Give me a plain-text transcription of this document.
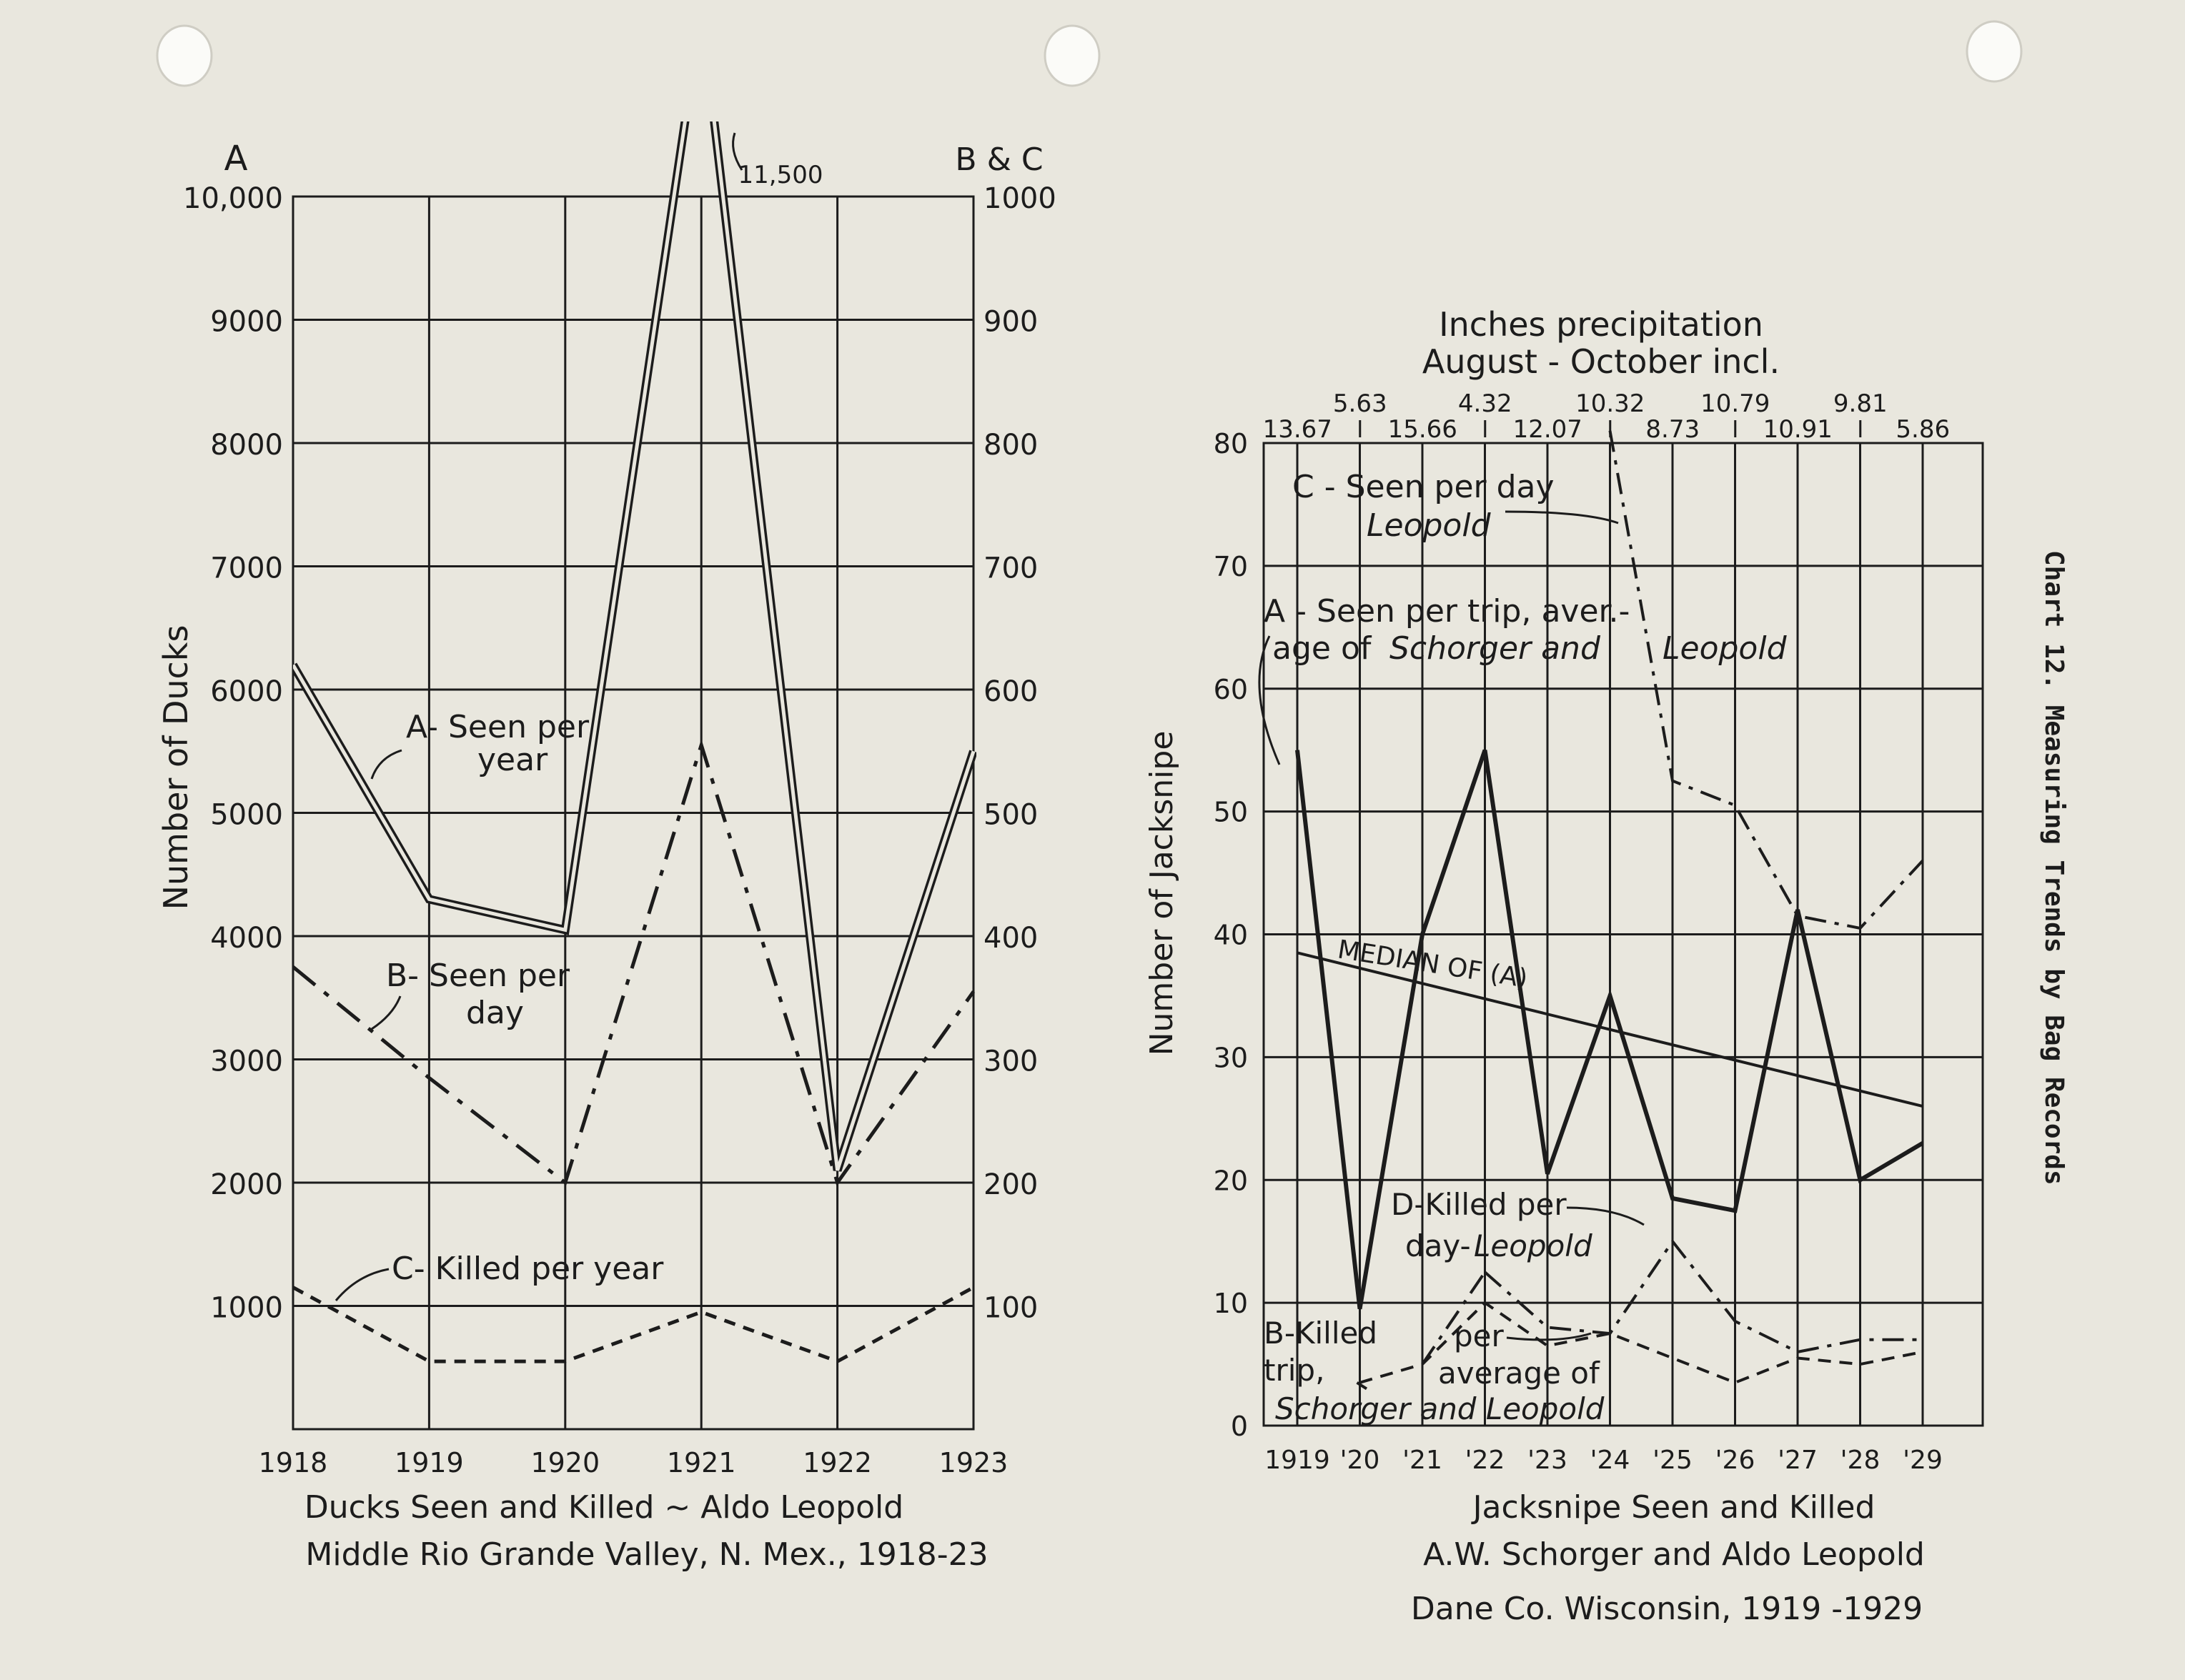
1918 1919 1920 1921 1922 1923
1000	100
2000	200
3000	300
4000	400
5000	500
6000	600
7000	700
8000	800
9000	900
10,000	1000
A	B & C
11,500
Number of Ducks	A- Seen per
year
B- Seen per
day
C- Killed per year
Ducks Seen and Killed ~ Aldo Leopold
Middle Rio Grande Valley, N. Mex., 1918-23
Inches precipitation
August - October incl.
1919 '20 '21 '22 '23 '24 '25 '26 '27 '28 '29
13.67
5.63
15.66
4.32
12.07
10.32
8.73
10.79
10.91
9.81
5.86
0
10
20
30
40
50
60
70
80
Number of Jacksnipe
C - Seen per day
Leopold
A - Seen per trip, aver.-
age of Schorger and Leopold
MEDIAN OF (A)
D-Killed per
day- Leopold
B-Killed	per
trip,	average of
Schorger and Leopold
Jacksnipe Seen and Killed
A.W. Schorger and Aldo Leopold
Dane Co. Wisconsin, 1919 -1929
Chart 12. Measuring Trends by Bag Records
